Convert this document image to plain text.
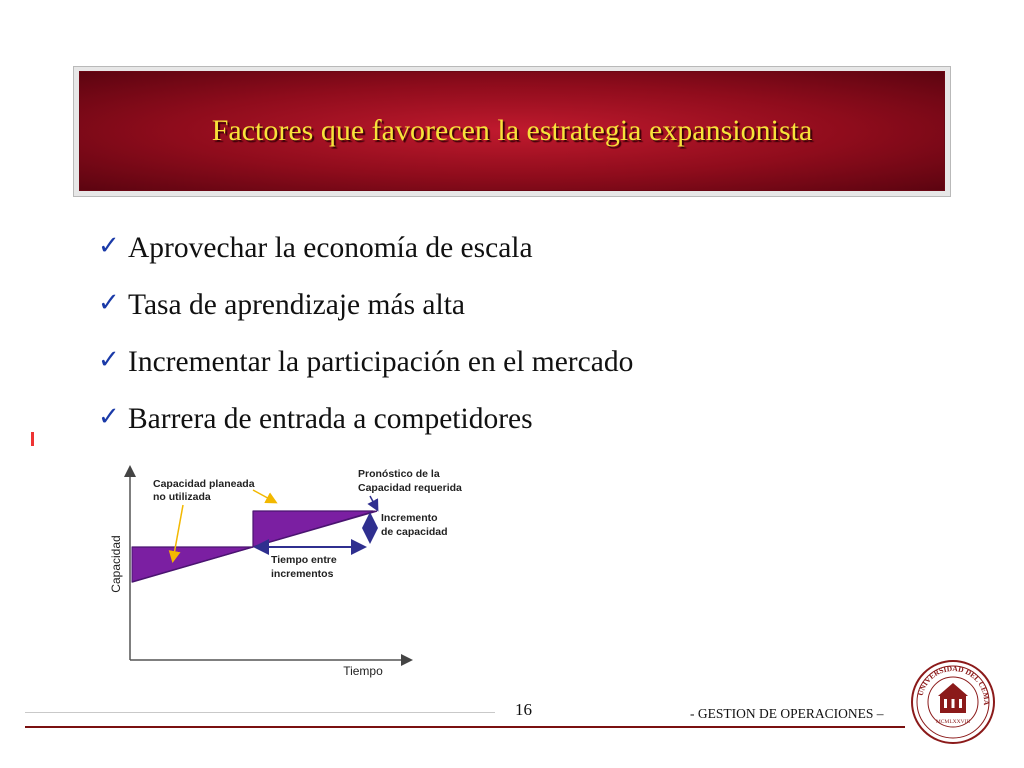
Factores que favorecen la estrategia expansionista
✓ Aprovechar la economía de escala
✓ Tasa de aprendizaje más alta
✓ Incrementar la participación en el mercado
✓ Barrera de entrada a competidores
Capacidad
Tiempo
Capacidad planeada
no utilizada
Pronóstico de la
Capacidad requerida
Incremento
de capacidad
Tiempo entre
incrementos
16	- GESTION DE OPERACIONES –
UNIVERSIDAD DEL CEMA
MCMLXXVIII
